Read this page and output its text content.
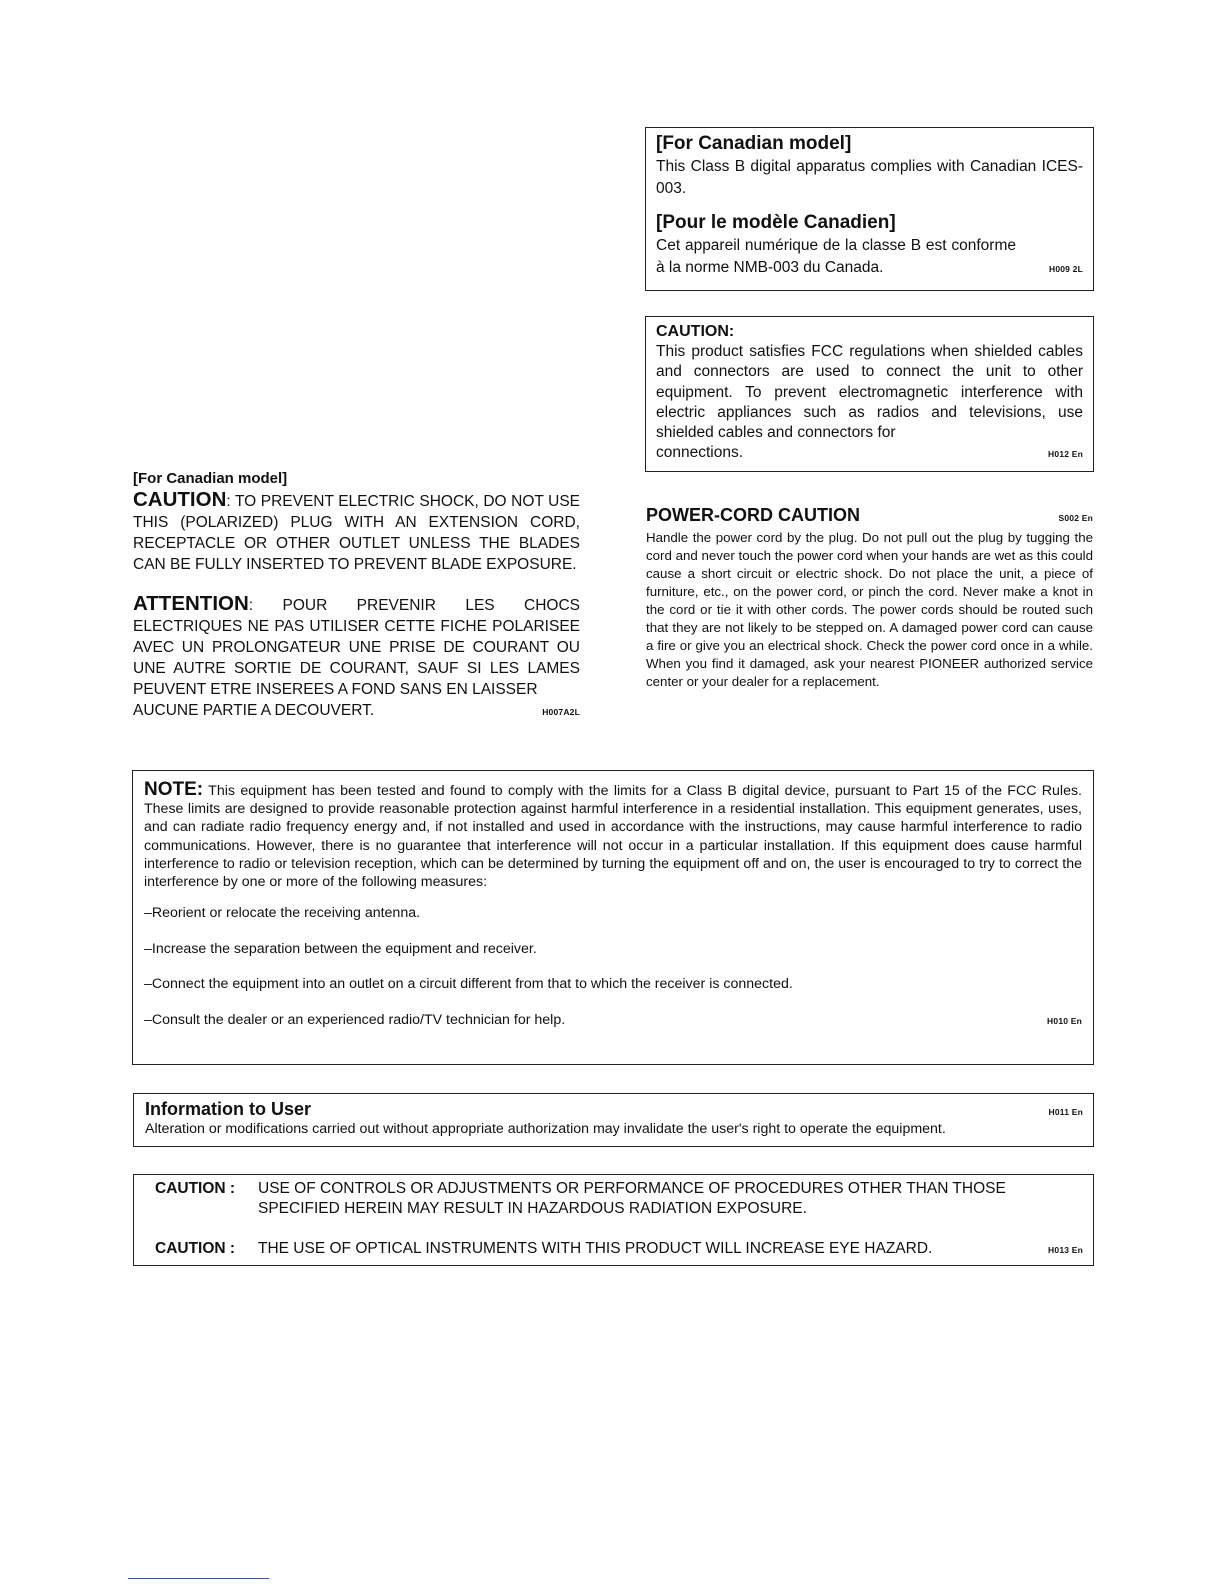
[For Canadian model]

This Class B digital apparatus complies with Canadian ICES-003.

[Pour le modèle Canadien]

Cet appareil numérique de la classe B est conforme à la norme NMB-003 du Canada.	H009 2L
CAUTION:

This product satisfies FCC regulations when shielded cables and connectors are used to connect the unit to other equipment. To prevent electromagnetic interference with electric appliances such as radios and televisions, use shielded cables and connectors for

connections.	H012 En
POWER-CORD CAUTION	S002 En

Handle the power cord by the plug. Do not pull out the plug by tugging the cord and never touch the power cord when your hands are wet as this could cause a short circuit or electric shock. Do not place the unit, a piece of furniture, etc., on the power cord, or pinch the cord. Never make a knot in the cord or tie it with other cords. The power cords should be routed such that they are not likely to be stepped on. A damaged power cord can cause a fire or give you an electrical shock. Check the power cord once in a while. When you find it damaged, ask your nearest PIONEER authorized service center or your dealer for a replacement.

[For Canadian model]

CAUTION: TO PREVENT ELECTRIC SHOCK, DO NOT USE THIS (POLARIZED) PLUG WITH AN EXTENSION CORD, RECEPTACLE OR OTHER OUTLET UNLESS THE BLADES CAN BE FULLY INSERTED TO PREVENT BLADE EXPOSURE.

ATTENTION: POUR PREVENIR LES CHOCS ELECTRIQUES NE PAS UTILISER CETTE FICHE POLARISEE AVEC UN PROLONGATEUR UNE PRISE DE COURANT OU UNE AUTRE SORTIE DE COURANT, SAUF SI LES LAMES PEUVENT ETRE INSEREES A FOND SANS EN LAISSER

AUCUNE PARTIE A DECOUVERT.	H007A2L

NOTE: This equipment has been tested and found to comply with the limits for a Class B digital device, pursuant to Part 15 of the FCC Rules. These limits are designed to provide reasonable protection against harmful interference in a residential installation. This equipment generates, uses, and can radiate radio frequency energy and, if not installed and used in accordance with the instructions, may cause harmful interference to radio communications. However, there is no guarantee that interference will not occur in a particular installation. If this equipment does cause harmful interference to radio or television reception, which can be determined by turning the equipment off and on, the user is encouraged to try to correct the interference by one or more of the following measures:

–Reorient or relocate the receiving antenna.
–Increase the separation between the equipment and receiver.
–Connect the equipment into an outlet on a circuit different from that to which the receiver is connected.
–Consult the dealer or an experienced radio/TV technician for help.	H010 En
Information to User	H011 En

Alteration or modifications carried out without appropriate authorization may invalidate the user's right to operate the equipment.

CAUTION :	USE OF CONTROLS OR ADJUSTMENTS OR PERFORMANCE OF PROCEDURES OTHER THAN THOSE SPECIFIED HEREIN MAY RESULT IN HAZARDOUS RADIATION EXPOSURE.
CAUTION :	THE USE OF OPTICAL INSTRUMENTS WITH THIS PRODUCT WILL INCREASE EYE HAZARD.	H013 En
